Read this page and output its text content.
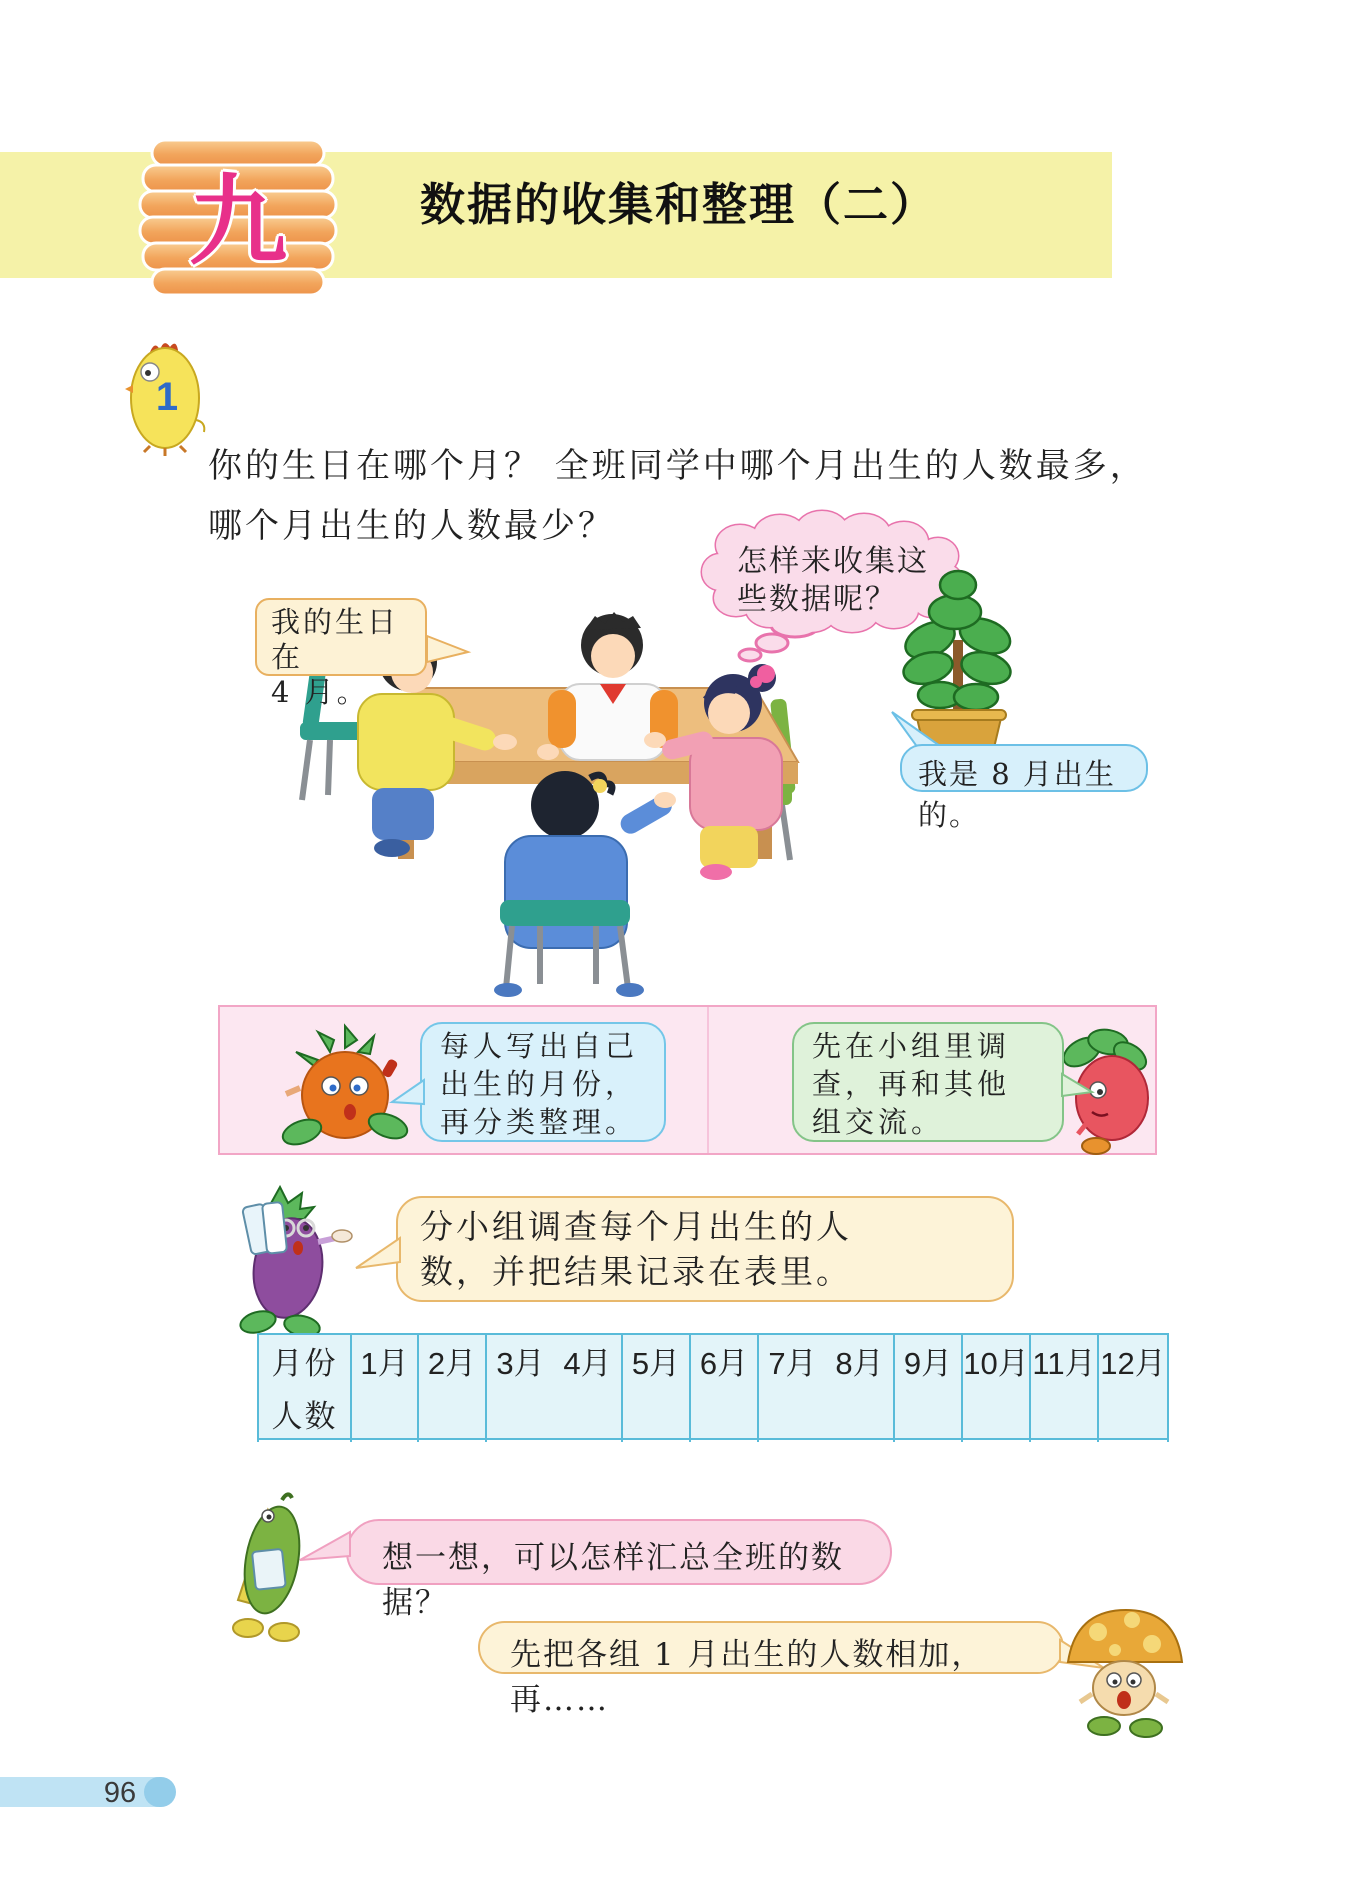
九	数据的收集和整理（二）
1
你的生日在哪个月？ 全班同学中哪个月出生的人数最多，
哪个月出生的人数最少？
怎样来收集这
些数据呢？
我的生日在
4 月。
我是 8 月出生的。
每人写出自己
出生的月份，
再分类整理。
先在小组里调
查，再和其他
组交流。
分小组调查每个月出生的人
数，并把结果记录在表里。
月份 1月 2月 3月 4月 5月 6月 7月 8月 9月 10月 11月 12月
人数
想一想，可以怎样汇总全班的数据？
先把各组 1 月出生的人数相加，再……
96
